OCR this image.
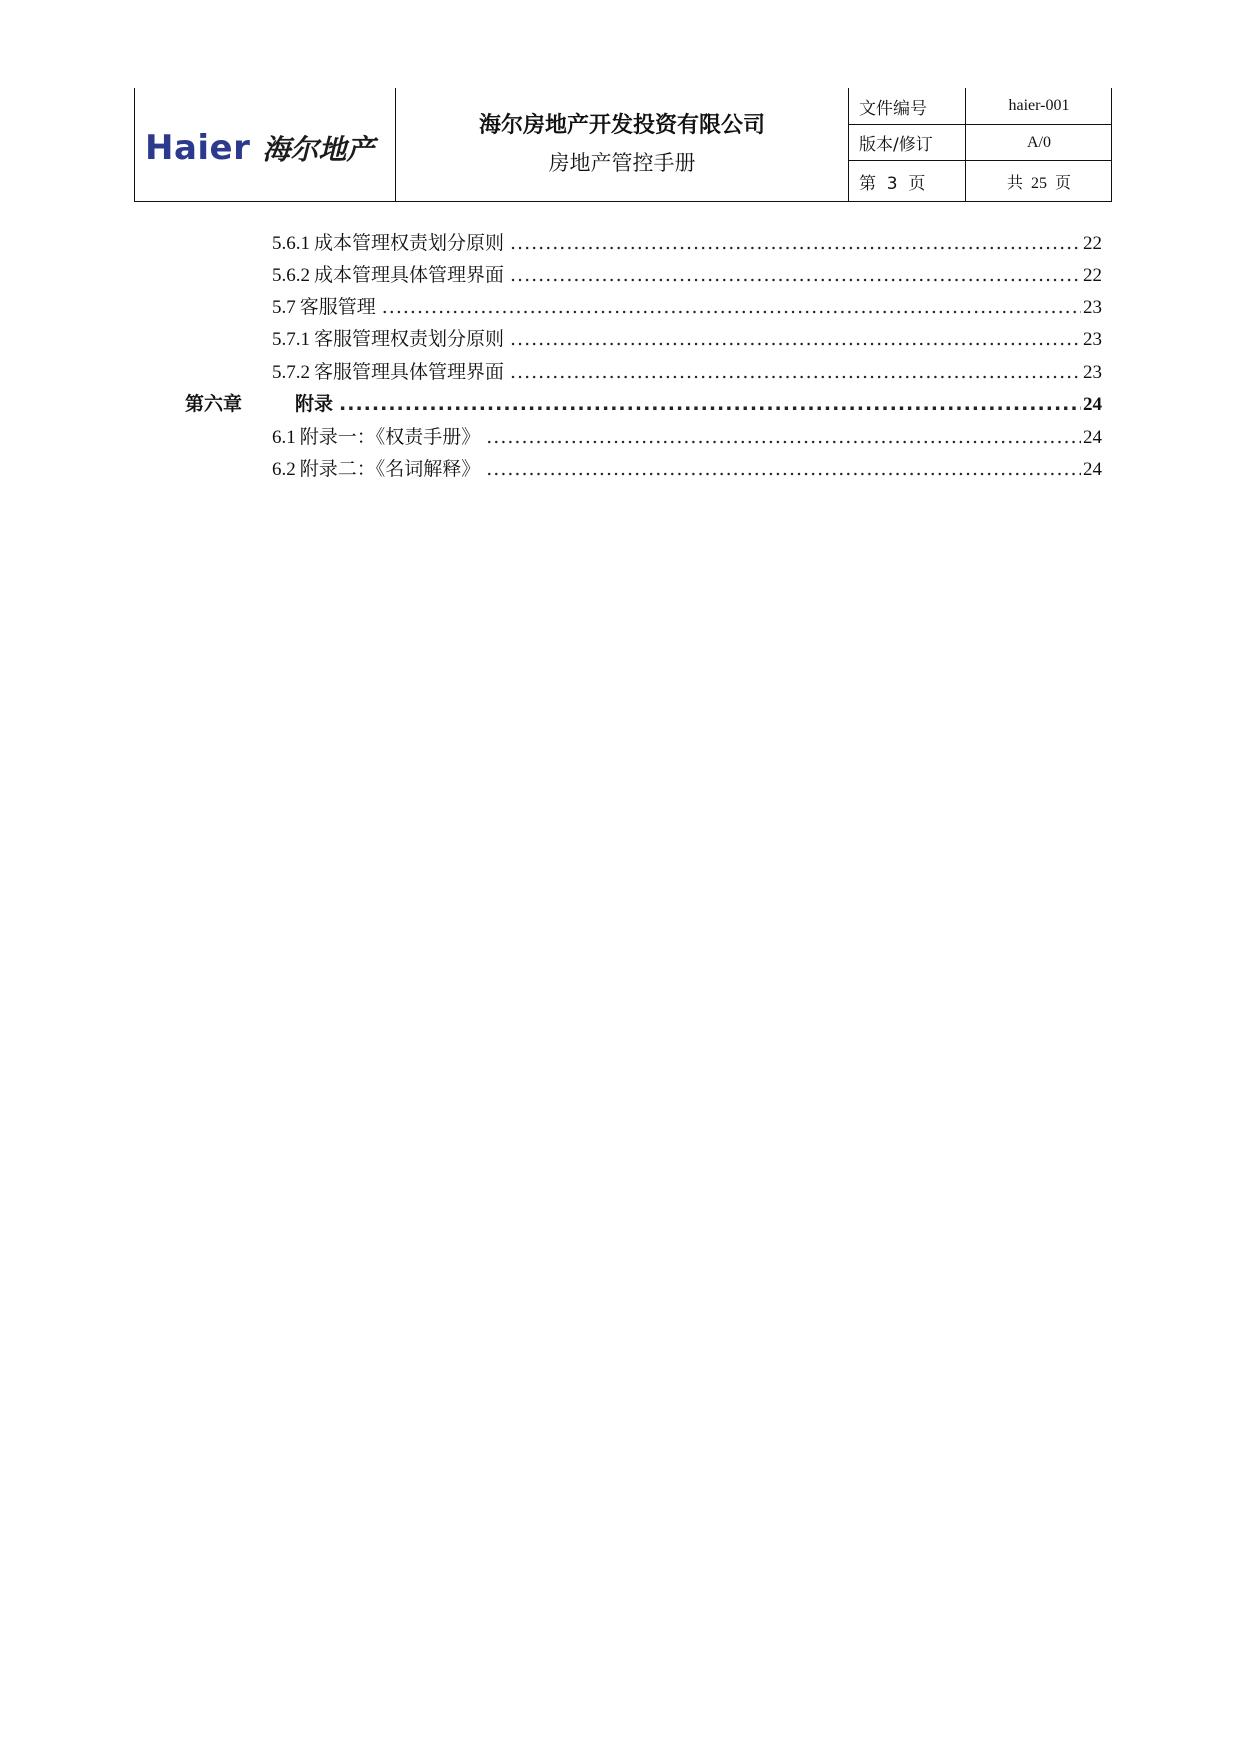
Haier 海尔地产
海尔房地产开发投资有限公司
房地产管控手册
文件编号	haier-001
版本/修订	A/0
第  3  页	共  25  页
5.6.1 成本管理权责划分原则 .....	22
5.6.2 成本管理具体管理界面 .....	22
5.7 客服管理 .....	23
5.7.1 客服管理权责划分原则 .....	23
5.7.2 客服管理具体管理界面 .....	23
第六章	附录 .....	24
6.1 附录一：《权责手册》 .....	24
6.2 附录二：《名词解释》 .....	24
